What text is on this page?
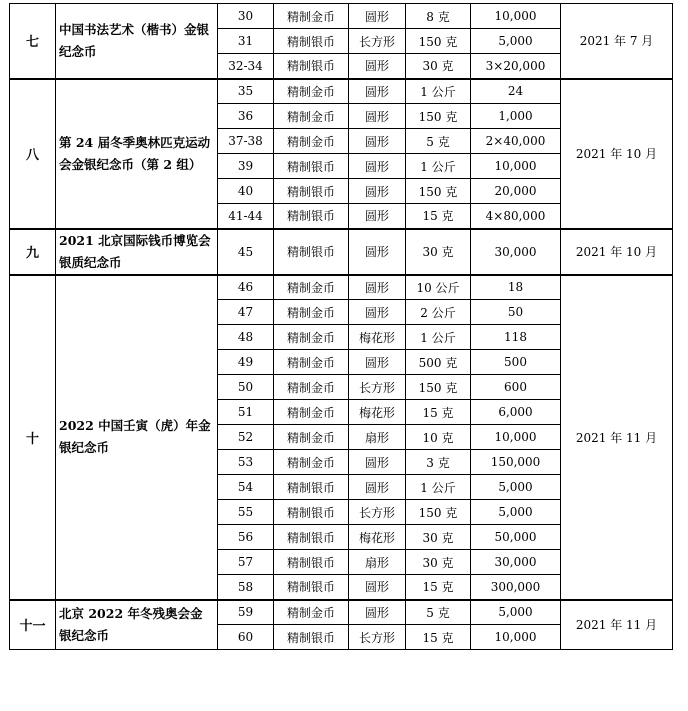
七	中国书法艺术（楷书）金银纪念币	30	精制金币	圆形	8 克	10,000	2021 年 7 月
		31	精制银币	长方形	150 克	5,000	
		32-34	精制银币	圆形	30 克	3×20,000	
八	第 24 届冬季奥林匹克运动会金银纪念币（第 2 组）	35	精制金币	圆形	1 公斤	24	2021 年 10 月
		36	精制金币	圆形	150 克	1,000	
		37-38	精制金币	圆形	5 克	2×40,000	
		39	精制银币	圆形	1 公斤	10,000	
		40	精制银币	圆形	150 克	20,000	
		41-44	精制银币	圆形	15 克	4×80,000	
九	2021 北京国际钱币博览会银质纪念币	45	精制银币	圆形	30 克	30,000	2021 年 10 月
十	2022 中国壬寅（虎）年金银纪念币	46	精制金币	圆形	10 公斤	18	2021 年 11 月
		47	精制金币	圆形	2 公斤	50	
		48	精制金币	梅花形	1 公斤	118	
		49	精制金币	圆形	500 克	500	
		50	精制金币	长方形	150 克	600	
		51	精制金币	梅花形	15 克	6,000	
		52	精制金币	扇形	10 克	10,000	
		53	精制金币	圆形	3 克	150,000	
		54	精制银币	圆形	1 公斤	5,000	
		55	精制银币	长方形	150 克	5,000	
		56	精制银币	梅花形	30 克	50,000	
		57	精制银币	扇形	30 克	30,000	
		58	精制银币	圆形	15 克	300,000	
十一	北京 2022 年冬残奥会金银纪念币	59	精制金币	圆形	5 克	5,000	2021 年 11 月
		60	精制银币	长方形	15 克	10,000	
